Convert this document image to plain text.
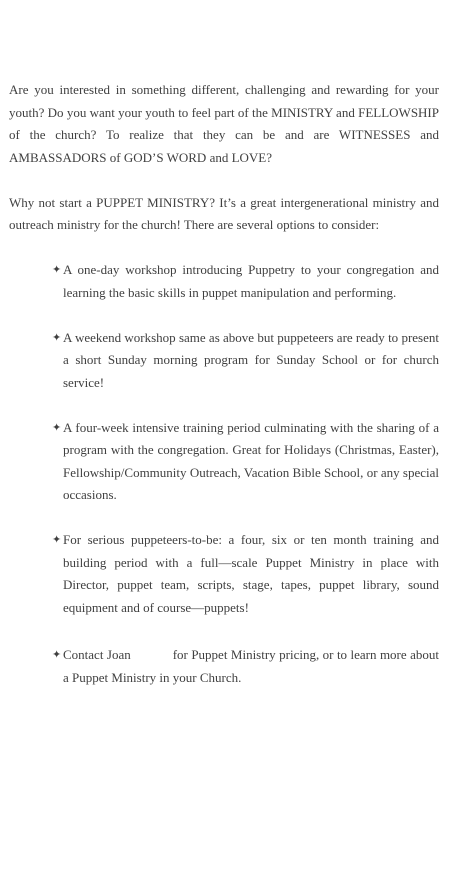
Are you interested in something different, challenging and rewarding for your youth? Do you want your youth to feel part of the MINISTRY and FELLOWSHIP of the church? To realize that they can be and are WITNESSES and AMBASSADORS of GOD’S WORD and LOVE?

Why not start a PUPPET MINISTRY? It’s a great intergenerational ministry and outreach ministry for the church! There are several options to consider:

✦ A one-day workshop introducing Puppetry to your congregation and learning the basic skills in puppet manipulation and performing.
✦ A weekend workshop same as above but puppeteers are ready to present a short Sunday morning program for Sunday School or for church service!
✦ A four-week intensive training period culminating with the sharing of a program with the congregation. Great for Holidays (Christmas, Easter), Fellowship/Community Outreach, Vacation Bible School, or any special occasions.
✦ For serious puppeteers-to-be: a four, six or ten month training and building period with a full—scale Puppet Ministry in place with Director, puppet team, scripts, stage, tapes, puppet library, sound equipment and of course—puppets!
✦ Contact Joan	for Puppet Ministry pricing, or to learn more about a Puppet Ministry in your Church.
